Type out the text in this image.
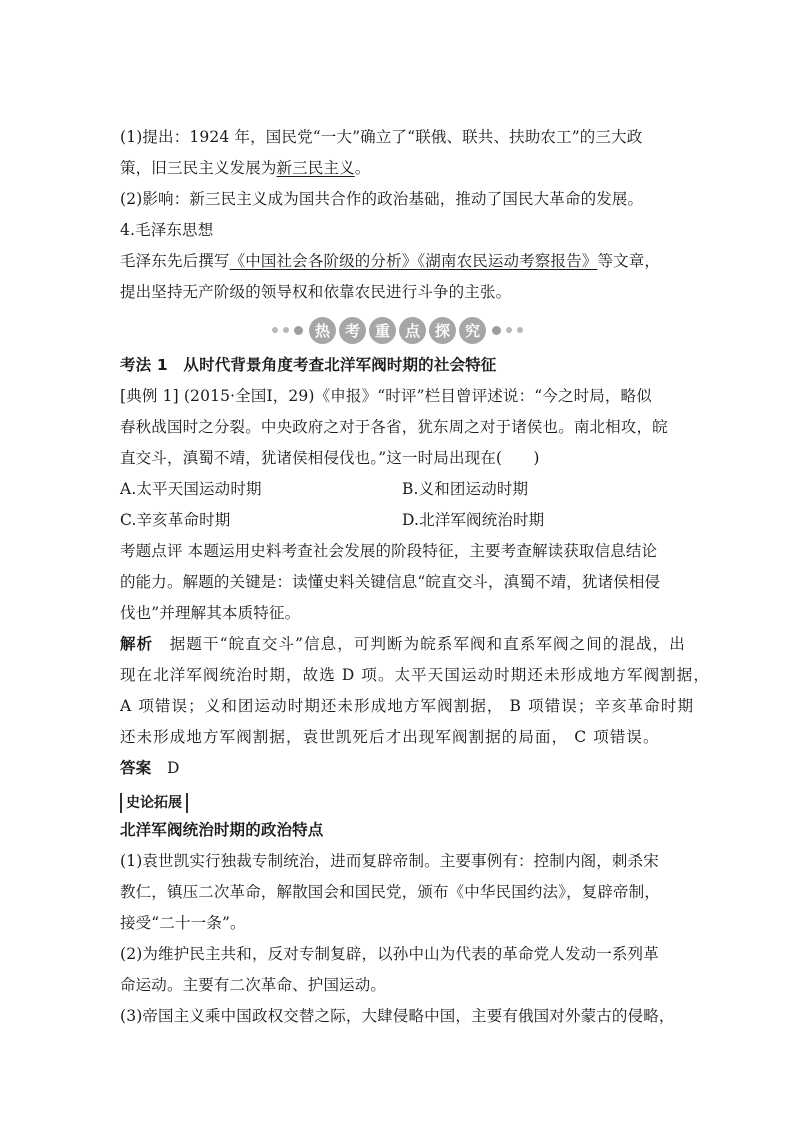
(1)提出：1924 年，国民党“一大”确立了“联俄、联共、扶助农工”的三大政
策，旧三民主义发展为新三民主义。
(2)影响：新三民主义成为国共合作的政治基础，推动了国民大革命的发展。
4.毛泽东思想
毛泽东先后撰写《中国社会各阶级的分析》《湖南农民运动考察报告》等文章，
提出坚持无产阶级的领导权和依靠农民进行斗争的主张。
热 考 重 点 探 究
考法 1　从时代背景角度考查北洋军阀时期的社会特征
[典例 1] (2015·全国Ⅰ，29)《申报》“时评”栏目曾评述说：“今之时局，略似
春秋战国时之分裂。中央政府之对于各省，犹东周之对于诸侯也。南北相攻，皖
直交斗，滇蜀不靖，犹诸侯相侵伐也。”这一时局出现在(　　)
A.太平天国运动时期	B.义和团运动时期
C.辛亥革命时期	D.北洋军阀统治时期
考题点评 本题运用史料考查社会发展的阶段特征，主要考查解读获取信息结论
的能力。解题的关键是：读懂史料关键信息“皖直交斗，滇蜀不靖，犹诸侯相侵
伐也”并理解其本质特征。
解析　据题干“皖直交斗”信息，可判断为皖系军阀和直系军阀之间的混战，出
现在北洋军阀统治时期，故选 D 项。太平天国运动时期还未形成地方军阀割据，
A 项错误；义和团运动时期还未形成地方军阀割据， B 项错误；辛亥革命时期
还未形成地方军阀割据，袁世凯死后才出现军阀割据的局面， C 项错误。
答案　D
史论拓展
北洋军阀统治时期的政治特点
(1)袁世凯实行独裁专制统治，进而复辟帝制。主要事例有：控制内阁，刺杀宋
教仁，镇压二次革命，解散国会和国民党，颁布《中华民国约法》，复辟帝制，
接受“二十一条”。
(2)为维护民主共和，反对专制复辟，以孙中山为代表的革命党人发动一系列革
命运动。主要有二次革命、护国运动。
(3)帝国主义乘中国政权交替之际，大肆侵略中国，主要有俄国对外蒙古的侵略，
